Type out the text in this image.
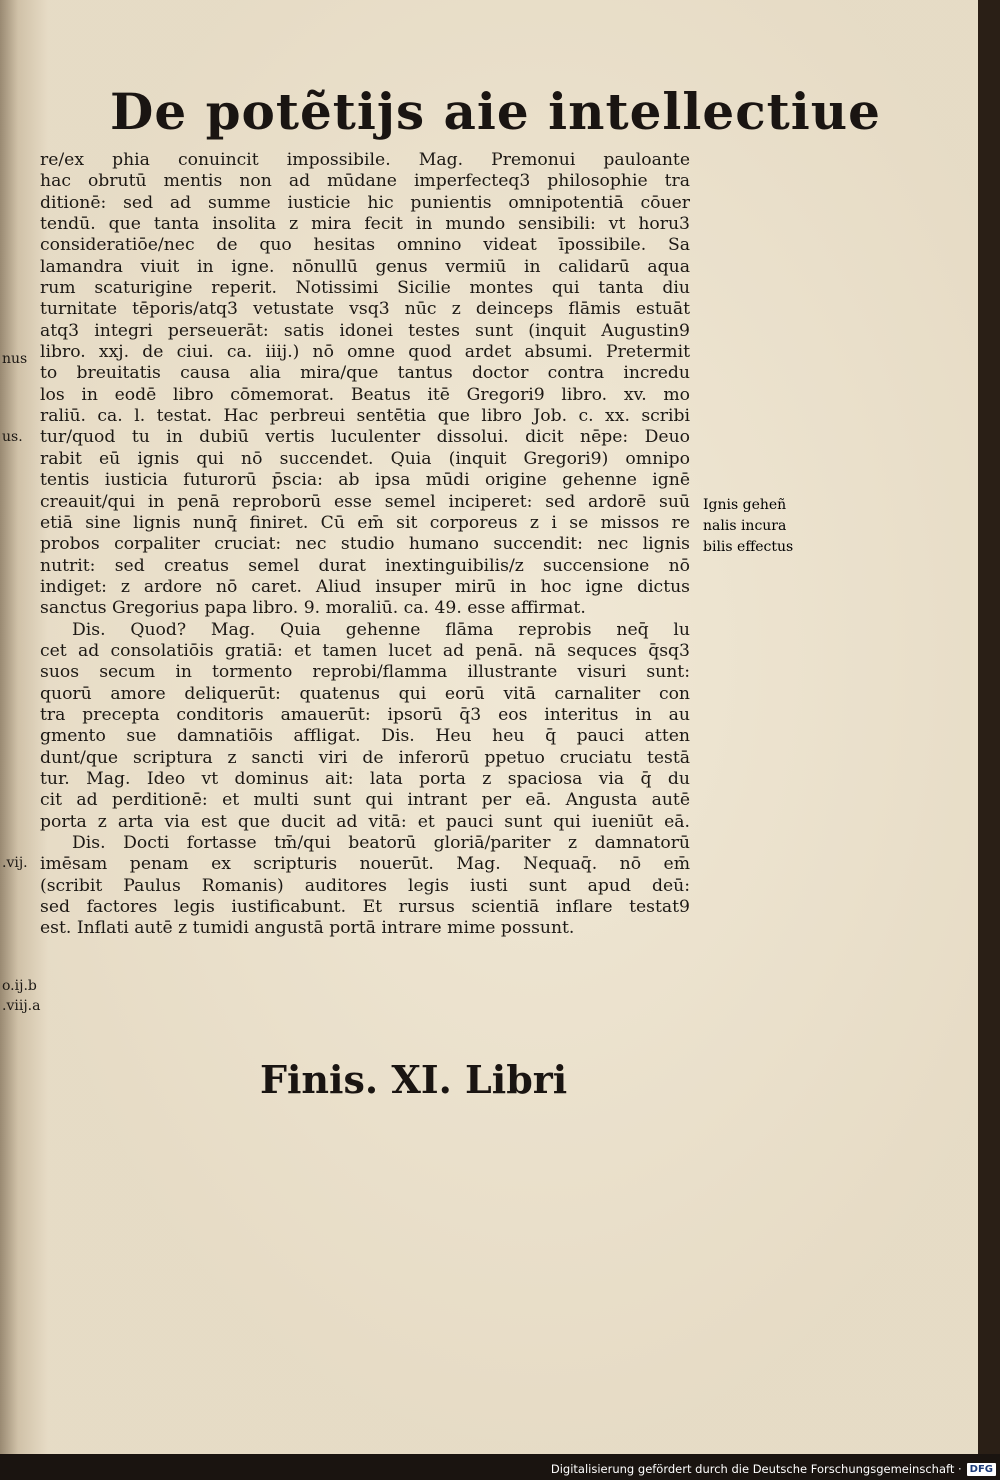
De potẽtijs aie intellectiue
re/ex phia conuincit impossibile. Mag. Premonui pauloante
hac obrutū mentis non ad mūdane imperfecteq3 philosophie tra
ditionē: sed ad summe iusticie hic punientis omnipotentiā cōuer
tendū. que tanta insolita z mira fecit in mundo sensibili: vt horu3
consideratiōe/nec de quo hesitas omnino videat īpossibile. Sa
lamandra viuit in igne. nōnullū genus vermiū in calidarū aqua
rum scaturigine reperit. Notissimi Sicilie montes qui tanta diu
turnitate tēporis/atq3 vetustate vsq3 nūc z deinceps flāmis estuāt
atq3 integri perseuerāt: satis idonei testes sunt (inquit Augustin9
libro. xxj. de ciui. ca. iiij.) nō omne quod ardet absumi. Pretermit
to breuitatis causa alia mira/que tantus doctor contra incredu
los in eodē libro cōmemorat. Beatus itē Gregori9 libro. xv. mo
raliū. ca. l. testat. Hac perbreui sentētia que libro Job. c. xx. scribi
tur/quod tu in dubiū vertis luculenter dissolui. dicit nēpe: Deuo
rabit eū ignis qui nō succendet. Quia (inquit Gregori9) omnipo
tentis iusticia futurorū p̄scia: ab ipsa mūdi origine gehenne ignē
creauit/qui in penā reproborū esse semel inciperet: sed ardorē suū
etiā sine lignis nunq̄ finiret. Cū em̄ sit corporeus z i se missos re
probos corpaliter cruciat: nec studio humano succendit: nec lignis
nutrit: sed creatus semel durat inextinguibilis/z succensione nō
indiget: z ardore nō caret. Aliud insuper mirū in hoc igne dictus
sanctus Gregorius papa libro. 9. moraliū. ca. 49. esse affirmat.
Dis. Quod? Mag. Quia gehenne flāma reprobis neq̄ lu
cet ad consolatiōis gratiā: et tamen lucet ad penā. nā sequces q̄sq3
suos secum in tormento reprobi/flamma illustrante visuri sunt:
quorū amore deliquerūt: quatenus qui eorū vitā carnaliter con
tra precepta conditoris amauerūt: ipsorū q̄3 eos interitus in au
gmento sue damnatiōis affligat. Dis. Heu heu q̄ pauci atten
dunt/que scriptura z sancti viri de inferorū ppetuo cruciatu testā
tur. Mag. Ideo vt dominus ait: lata porta z spaciosa via q̄ du
cit ad perditionē: et multi sunt qui intrant per eā. Angusta autē
porta z arta via est que ducit ad vitā: et pauci sunt qui iueniūt eā.
Dis. Docti fortasse tm̄/qui beatorū gloriā/pariter z damnatorū
imēsam penam ex scripturis nouerūt. Mag. Nequaq̄. nō em̄
(scribit Paulus Romanis) auditores legis iusti sunt apud deū:
sed factores legis iustificabunt. Et rursus scientiā inflare testat9
est. Inflati autē z tumidi angustā portā intrare mime possunt.
Ignis geheñ
nalis incura
bilis effectus
nus
us.
.vij.
o.ij.b
.viij.a
Finis. XI. Libri
Digitalisierung gefördert durch die Deutsche Forschungsgemeinschaft · DFG
